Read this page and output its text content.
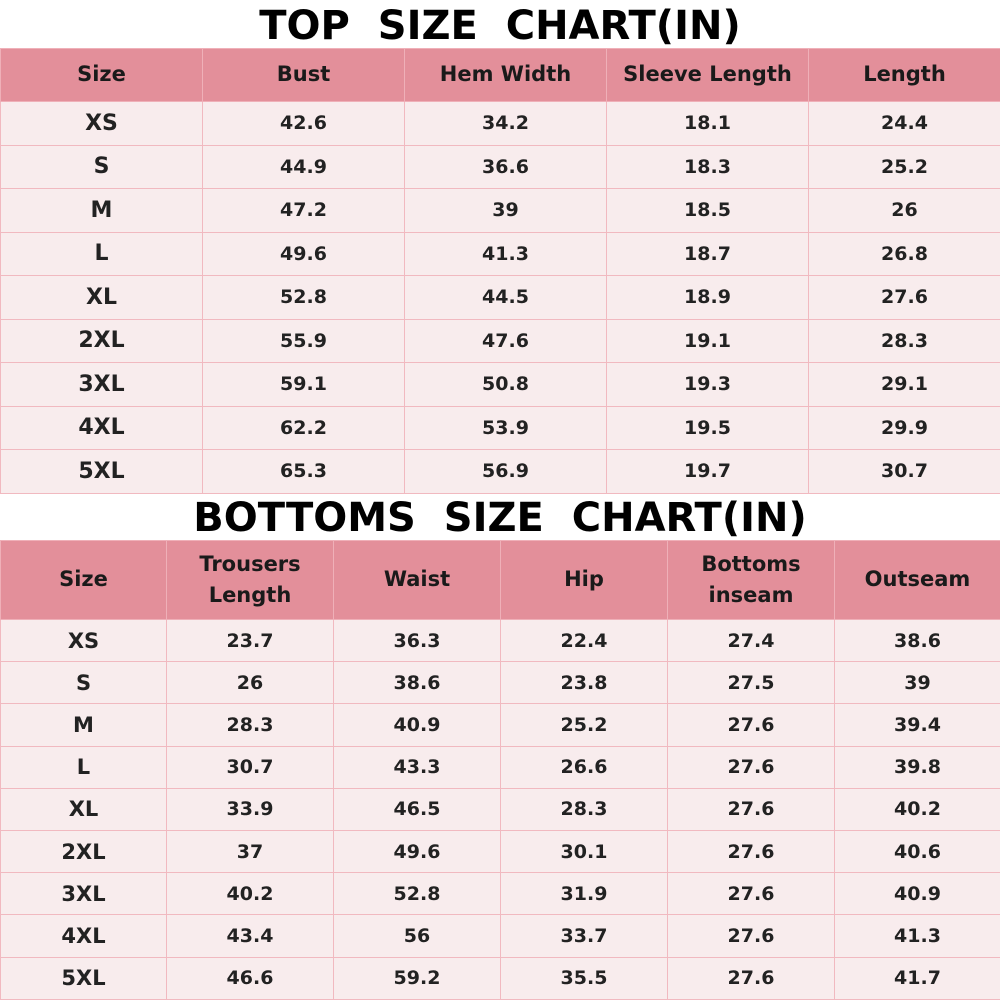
TOP SIZE CHART(IN)
Size	Bust	Hem Width	Sleeve Length	Length
XS	42.6	34.2	18.1	24.4
S	44.9	36.6	18.3	25.2
M	47.2	39	18.5	26
L	49.6	41.3	18.7	26.8
XL	52.8	44.5	18.9	27.6
2XL	55.9	47.6	19.1	28.3
3XL	59.1	50.8	19.3	29.1
4XL	62.2	53.9	19.5	29.9
5XL	65.3	56.9	19.7	30.7
BOTTOMS SIZE CHART(IN)
Size	Trousers Length	Waist	Hip	Bottoms inseam	Outseam
XS	23.7	36.3	22.4	27.4	38.6
S	26	38.6	23.8	27.5	39
M	28.3	40.9	25.2	27.6	39.4
L	30.7	43.3	26.6	27.6	39.8
XL	33.9	46.5	28.3	27.6	40.2
2XL	37	49.6	30.1	27.6	40.6
3XL	40.2	52.8	31.9	27.6	40.9
4XL	43.4	56	33.7	27.6	41.3
5XL	46.6	59.2	35.5	27.6	41.7
